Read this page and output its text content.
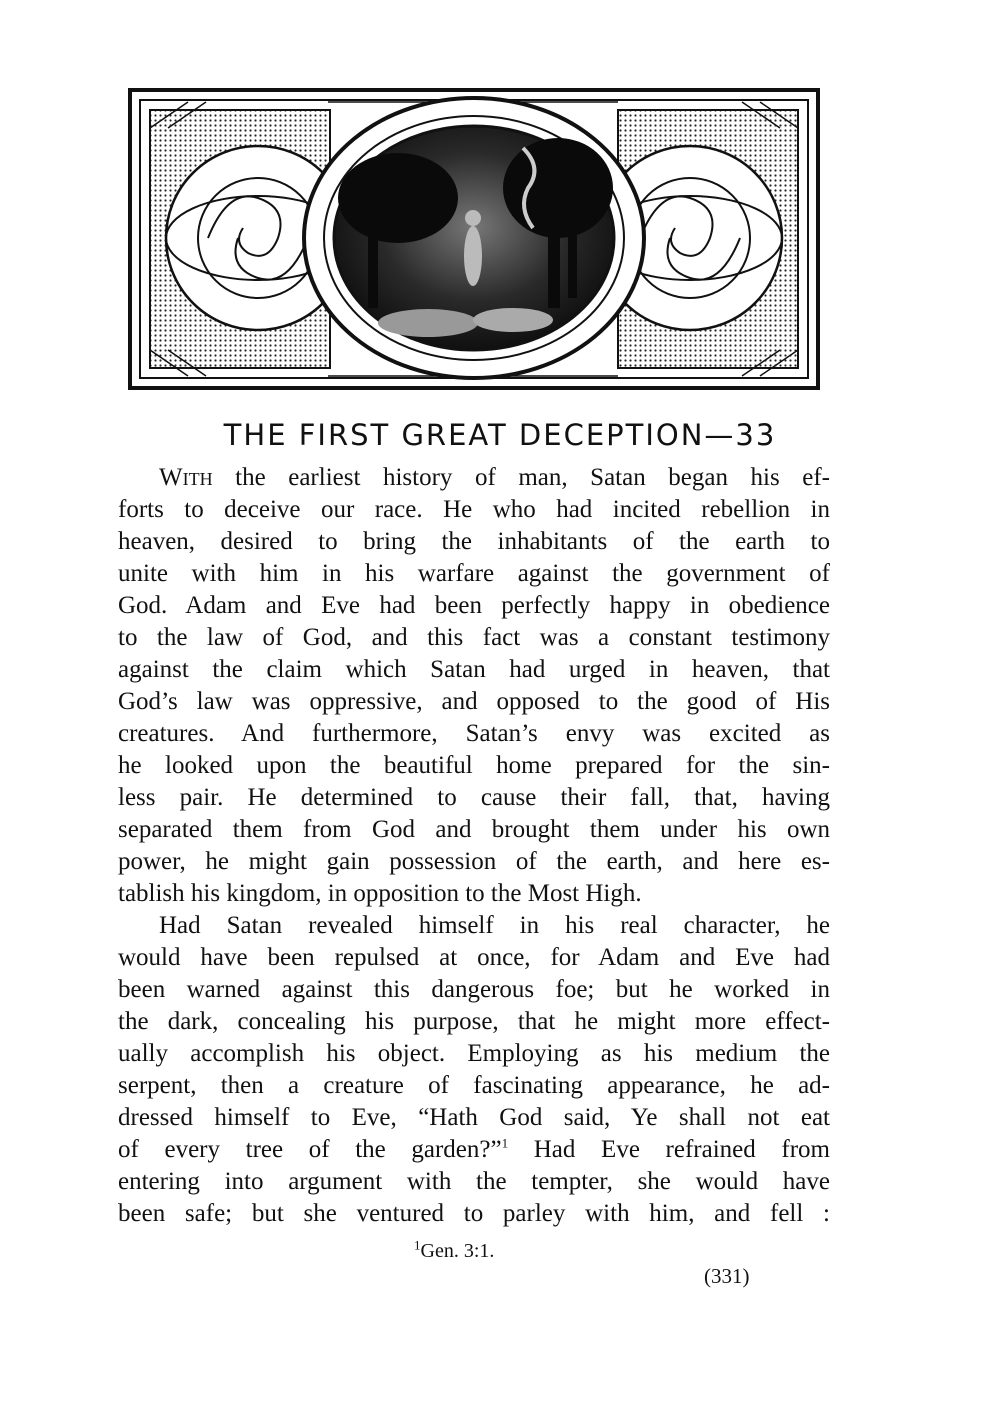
THE FIRST GREAT DECEPTION—33
With the earliest history of man, Satan began his ef-
forts to deceive our race. He who had incited rebellion in
heaven, desired to bring the inhabitants of the earth to
unite with him in his warfare against the government of
God. Adam and Eve had been perfectly happy in obedience
to the law of God, and this fact was a constant testimony
against the claim which Satan had urged in heaven, that
God’s law was oppressive, and opposed to the good of His
creatures. And furthermore, Satan’s envy was excited as
he looked upon the beautiful home prepared for the sin-
less pair. He determined to cause their fall, that, having
separated them from God and brought them under his own
power, he might gain possession of the earth, and here es-
tablish his kingdom, in opposition to the Most High.
Had Satan revealed himself in his real character, he
would have been repulsed at once, for Adam and Eve had
been warned against this dangerous foe; but he worked in
the dark, concealing his purpose, that he might more effect-
ually accomplish his object. Employing as his medium the
serpent, then a creature of fascinating appearance, he ad-
dressed himself to Eve, “Hath God said, Ye shall not eat
of every tree of the garden?”$^1$ Had Eve refrained from
entering into argument with the tempter, she would have
been safe; but she ventured to parley with him, and fell :
$^1$Gen. 3:1.
(331)
